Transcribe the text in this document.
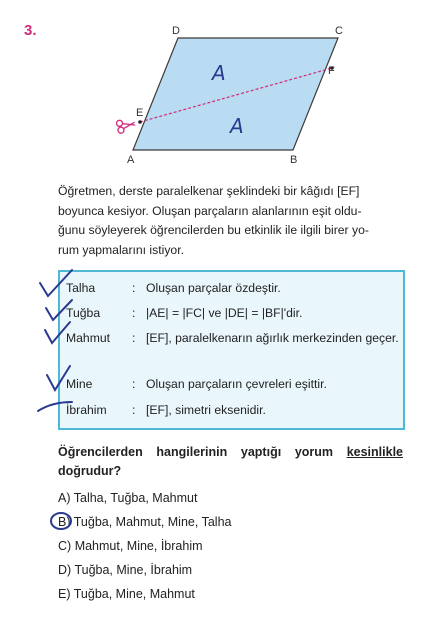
3.	D	C
E
F
A	B
A
A
Öğretmen, derste paralelkenar şeklindeki bir kâğıdı [EF]
boyunca kesiyor. Oluşan parçaların alanlarının eşit oldu-
ğunu söyleyerek öğrencilerden bu etkinlik ile ilgili birer yo-
rum yapmalarını istiyor.
Talha	: Oluşan parçalar özdeştir.
Tuğba	: |AE| = |FC| ve |DE| = |BF|'dir.
Mahmut	: [EF], paralelkenarın ağırlık merkezinden geçer.
Mine	: Oluşan parçaların çevreleri eşittir.
İbrahim	: [EF], simetri eksenidir.
Öğrencilerden hangilerinin yaptığı yorum kesinlikle doğrudur?
A) Talha, Tuğba, Mahmut
B) Tuğba, Mahmut, Mine, Talha
C) Mahmut, Mine, İbrahim
D) Tuğba, Mine, İbrahim
E) Tuğba, Mine, Mahmut
